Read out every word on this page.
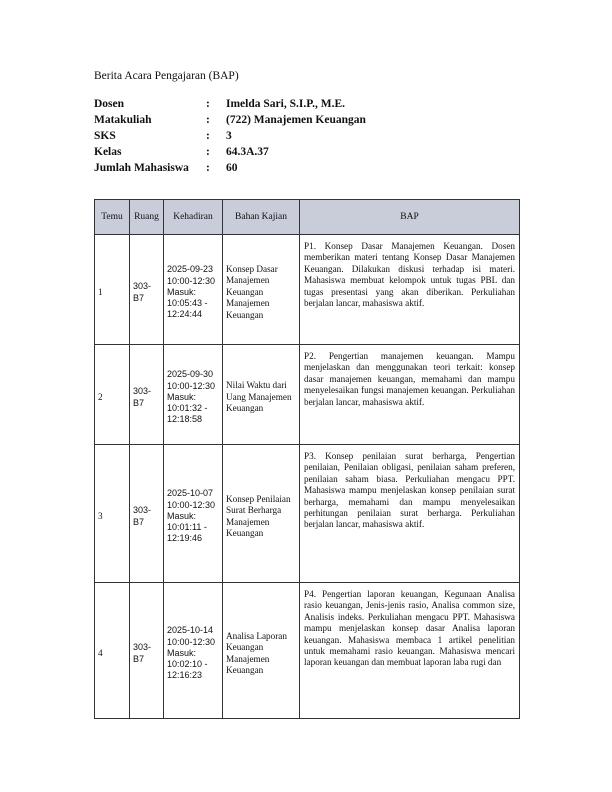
Berita Acara Pengajaran (BAP)
Dosen	:	Imelda Sari, S.I.P., M.E.
Matakuliah	:	(722) Manajemen Keuangan
SKS	:	3
Kelas	:	64.3A.37
Jumlah Mahasiswa	:	60
Temu	Ruang	Kehadiran	Bahan Kajian	BAP
1	303-B7	2025-09-23 10:00-12:30 Masuk: 10:05:43 - 12:24:44	Konsep Dasar Manajemen Keuangan Manajemen Keuangan	P1. Konsep Dasar Manajemen Keuangan. Dosen memberikan materi tentang Konsep Dasar Manajemen Keuangan. Dilakukan diskusi terhadap isi materi. Mahasiswa membuat kelompok untuk tugas PBL dan tugas presentasi yang akan diberikan. Perkuliahan berjalan lancar, mahasiswa aktif.
2	303-B7	2025-09-30 10:00-12:30 Masuk: 10:01:32 - 12:18:58	Nilai Waktu dari Uang Manajemen Keuangan	P2. Pengertian manajemen keuangan. Mampu menjelaskan dan menggunakan teori terkait: konsep dasar manajemen keuangan, memahami dan mampu menyelesaikan fungsi manajemen keuangan. Perkuliahan berjalan lancar, mahasiswa aktif.
3	303-B7	2025-10-07 10:00-12:30 Masuk: 10:01:11 - 12:19:46	Konsep Penilaian Surat Berharga Manajemen Keuangan	P3. Konsep penilaian surat berharga, Pengertian penilaian, Penilaian obligasi, penilaian saham preferen, penilaian saham biasa. Perkuliahan mengacu PPT. Mahasiswa mampu menjelaskan konsep penilaian surat berharga, memahami dan mampu menyelesaikan perhitungan penilaian surat berharga. Perkuliahan berjalan lancar, mahasiswa aktif.
4	303-B7	2025-10-14 10:00-12:30 Masuk: 10:02:10 - 12:16:23	Analisa Laporan Keuangan Manajemen Keuangan	P4. Pengertian laporan keuangan, Kegunaan Analisa rasio keuangan, Jenis-jenis rasio, Analisa common size, Analisis indeks. Perkuliahan mengacu PPT. Mahasiswa mampu menjelaskan konsep dasar Analisa laporan keuangan. Mahasiswa membaca 1 artikel penelitian untuk memahami rasio keuangan. Mahasiswa mencari laporan keuangan dan membuat laporan laba rugi dan
